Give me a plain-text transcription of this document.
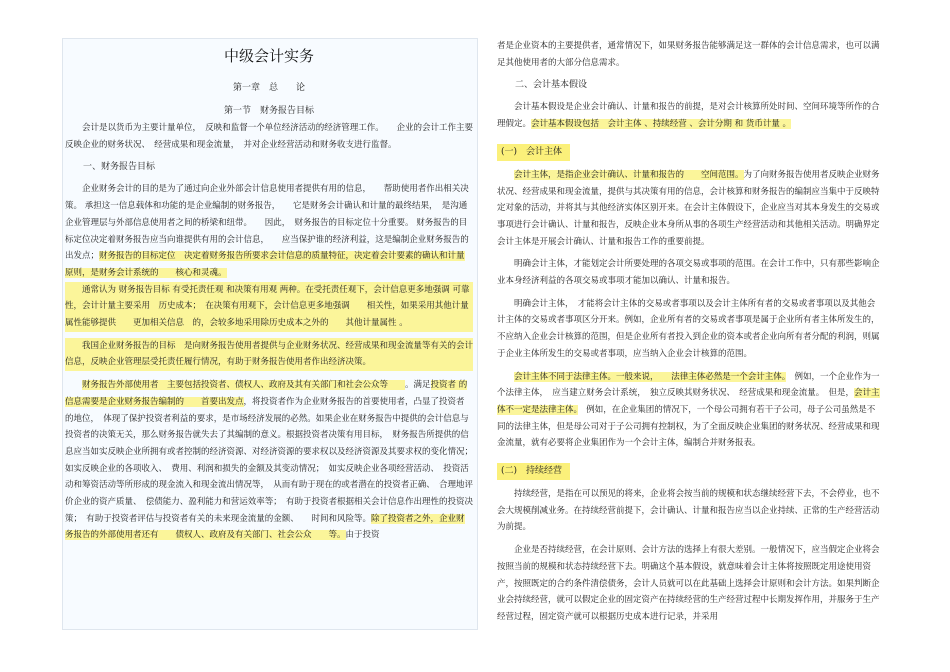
中级会计实务
第一章　总　　论
第一节　财务报告目标

会计是以货币为主要计量单位，　反映和监督一个单位经济活动的经济管理工作。　　企业的会计工作主要反映企业的财务状况、　经营成果和现金流量，　并对企业经营活动和财务收支进行监督。

一、财务报告目标

企业财务会计的目的是为了通过向企业外部会计信息使用者提供有用的信息，　　帮助使用者作出相关决策。 承担这一信息载体和功能的是企业编制的财务报告，　　它是财务会计确认和计量的最终结果，　是沟通企业管理层与外部信息使用者之间的桥梁和纽带。　　因此，　财务报告的目标定位十分重要。 财务报告的目标定位决定着财务报告应当向谁提供有用的会计信息，　　应当保护谁的经济利益，这是编制企业财务报告的出发点；财务报告的目标定位　决定着财务报告所要求会计信息的质量特征，决定着会计要素的确认和计量原则，是财务会计系统的　　核心和灵魂。

通常认为 财务报告目标 有受托责任观 和决策有用观 两种。在受托责任观下，会计信息更多地强调 可靠性，会计计量主要采用　历史成本；　在决策有用观下，会计信息更多地强调　　相关性，如果采用其他计量属性能够提供　　更加相关信息　的，会较多地采用除历史成本之外的　　其他计量属性 。

我国企业财务报告的目标　是向财务报告使用者提供与企业财务状况、经营成果和现金流量等有关的会计信息，反映企业管理层受托责任履行情况，有助于财务报告使用者作出经济决策。

财务报告外部使用者　主要包括投资者、债权人、政府及其有关部门和社会公众等　　。满足投资者 的信息需要是企业财务报告编制的　　首要出发点，将投资者作为企业财务报告的首要使用者，凸显了投资者的地位，　体现了保护投资者利益的要求，是市场经济发展的必然。如果企业在财务报告中提供的会计信息与投资者的决策无关，那么财务报告就失去了其编制的意义。根据投资者决策有用目标，　财务报告所提供的信息应当如实反映企业所拥有或者控制的经济资源、对经济资源的要求权以及经济资源及其要求权的变化情况；　　如实反映企业的各项收入、　费用、利润和损失的金额及其变动情况；　如实反映企业各项经营活动、　投资活动和筹资活动等所形成的现金流入和现金流出情况等，　从而有助于现在的或者潜在的投资者正确、　合理地评价企业的资产质量、　偿债能力、盈利能力和营运效率等；　有助于投资者根据相关会计信息作出理性的投资决策；　有助于投资者评估与投资者有关的未来现金流量的金额、　　时间和风险等。除了投资者之外，企业财务报告的外部使用者还有　　债权人、政府及有关部门、社会公众　　等。由于投资

者是企业资本的主要提供者，通常情况下，如果财务报告能够满足这一群体的会计信息需求，也可以满足其他使用者的大部分信息需求。

二、会计基本假设

会计基本假设是企业会计确认、计量和报告的前提，是对会计核算所处时间、空间环境等所作的合理假定。会计基本假设包括　会计主体 、持续经营 、会计分期 和 货币计量 。

(一)　会计主体

会计主体，是指企业会计确认、计量和报告的　　空间范围。为了向财务报告使用者反映企业财务状况、经营成果和现金流量，提供与其决策有用的信息，会计核算和财务报告的编制应当集中于反映特定对象的活动，并将其与其他经济实体区别开来。在会计主体假设下，企业应当对其本身发生的交易或事项进行会计确认、计量和报告，反映企业本身所从事的各项生产经营活动和其他相关活动。明确界定会计主体是开展会计确认、计量和报告工作的重要前提。

明确会计主体，才能划定会计所要处理的各项交易或事项的范围。在会计工作中，只有那些影响企业本身经济利益的各项交易或事项才能加以确认、计量和报告。

明确会计主体，　才能将会计主体的交易或者事项以及会计主体所有者的交易或者事项以及其他会计主体的交易或者事项区分开来。例如，企业所有者的交易或者事项是属于企业所有者主体所发生的，不应纳入企业会计核算的范围，但是企业所有者投入到企业的资本或者企业向所有者分配的利润，则属于企业主体所发生的交易或者事项，应当纳入企业会计核算的范围。

会计主体不同于法律主体。一般来说，　　法律主体必然是一个会计主体。　例如，一个企业作为一个法律主体，　应当建立财务会计系统，　独立反映其财务状况、　经营成果和现金流量。　但是，会计主体不一定是法律主体。　例如，在企业集团的情况下，一个母公司拥有若干子公司，母子公司虽然是不同的法律主体，但是母公司对于子公司拥有控制权，为了全面反映企业集团的财务状况、经营成果和现金流量，就有必要将企业集团作为一个会计主体，编制合并财务报表。

(二)　持续经营

持续经营，是指在可以预见的将来，企业将会按当前的规模和状态继续经营下去，不会停业，也不会大规模削减业务。在持续经营前提下，会计确认、计量和报告应当以企业持续、正常的生产经营活动为前提。

企业是否持续经营，在会计原则、会计方法的选择上有很大差别。一般情况下，应当假定企业将会按照当前的规模和状态持续经营下去。明确这个基本假设，就意味着会计主体将按照既定用途使用资产，按照既定的合约条件清偿债务，会计人员就可以在此基础上选择会计原则和会计方法。如果判断企业会持续经营，就可以假定企业的固定资产在持续经营的生产经营过程中长期发挥作用，并服务于生产经营过程，固定资产就可以根据历史成本进行记录，并采用
